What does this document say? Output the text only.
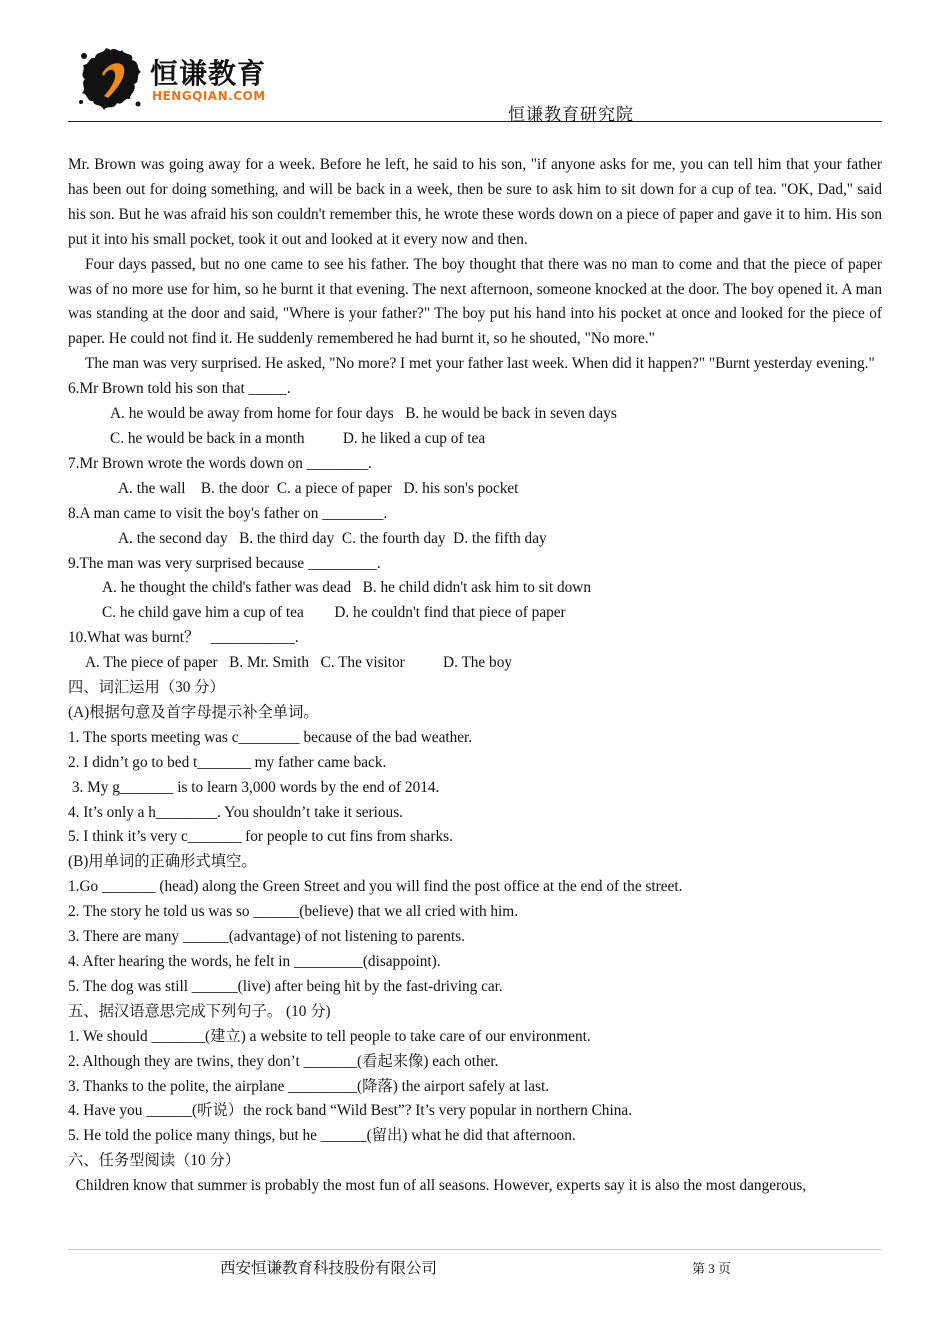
恒谦教育
HENGQIAN.COM
恒谦教育研究院
Mr. Brown was going away for a week. Before he left, he said to his son, "if anyone asks for me, you can tell him that your father has been out for doing something, and will be back in a week, then be sure to ask him to sit down for a cup of tea. "OK, Dad," said his son. But he was afraid his son couldn't remember this, he wrote these words down on a piece of paper and gave it to him. His son put it into his small pocket, took it out and looked at it every now and then.
Four days passed, but no one came to see his father. The boy thought that there was no man to come and that the piece of paper was of no more use for him, so he burnt it that evening. The next afternoon, someone knocked at the door. The boy opened it. A man was standing at the door and said, "Where is your father?" The boy put his hand into his pocket at once and looked for the piece of paper. He could not find it. He suddenly remembered he had burnt it, so he shouted, "No more."
The man was very surprised. He asked, "No more? I met your father last week. When did it happen?" "Burnt yesterday evening."
6.Mr Brown told his son that _____.
A. he would be away from home for four days   B. he would be back in seven days
C. he would be back in a month          D. he liked a cup of tea
7.Mr Brown wrote the words down on ________.
A. the wall    B. the door  C. a piece of paper   D. his son's pocket
8.A man came to visit the boy's father on ________.
A. the second day   B. the third day  C. the fourth day  D. the fifth day
9.The man was very surprised because _________.
A. he thought the child's father was dead   B. he child didn't ask him to sit down
C. he child gave him a cup of tea        D. he couldn't find that piece of paper
10.What was burnt？   ___________.
A. The piece of paper   B. Mr. Smith   C. The visitor          D. The boy
四、词汇运用（30 分）
(A)根据句意及首字母提示补全单词。
1. The sports meeting was c________ because of the bad weather.
2. I didn’t go to bed t_______ my father came back.
3. My g_______ is to learn 3,000 words by the end of 2014.
4. It’s only a h________. You shouldn’t take it serious.
5. I think it’s very c_______ for people to cut fins from sharks.
(B)用单词的正确形式填空。
1.Go _______ (head) along the Green Street and you will find the post office at the end of the street.
2. The story he told us was so ______(believe) that we all cried with him.
3. There are many ______(advantage) of not listening to parents.
4. After hearing the words, he felt in _________(disappoint).
5. The dog was still ______(live) after being hit by the fast-driving car.
五、据汉语意思完成下列句子。 (10 分)
1. We should _______(建立) a website to tell people to take care of our environment.
2. Although they are twins, they don’t _______(看起来像) each other.
3. Thanks to the polite, the airplane _________(降落) the airport safely at last.
4. Have you ______(听说）the rock band “Wild Best”? It’s very popular in northern China.
5. He told the police many things, but he ______(留出) what he did that afternoon.
六、任务型阅读（10 分）
Children know that summer is probably the most fun of all seasons. However, experts say it is also the most dangerous,
西安恒谦教育科技股份有限公司	第 3 页
